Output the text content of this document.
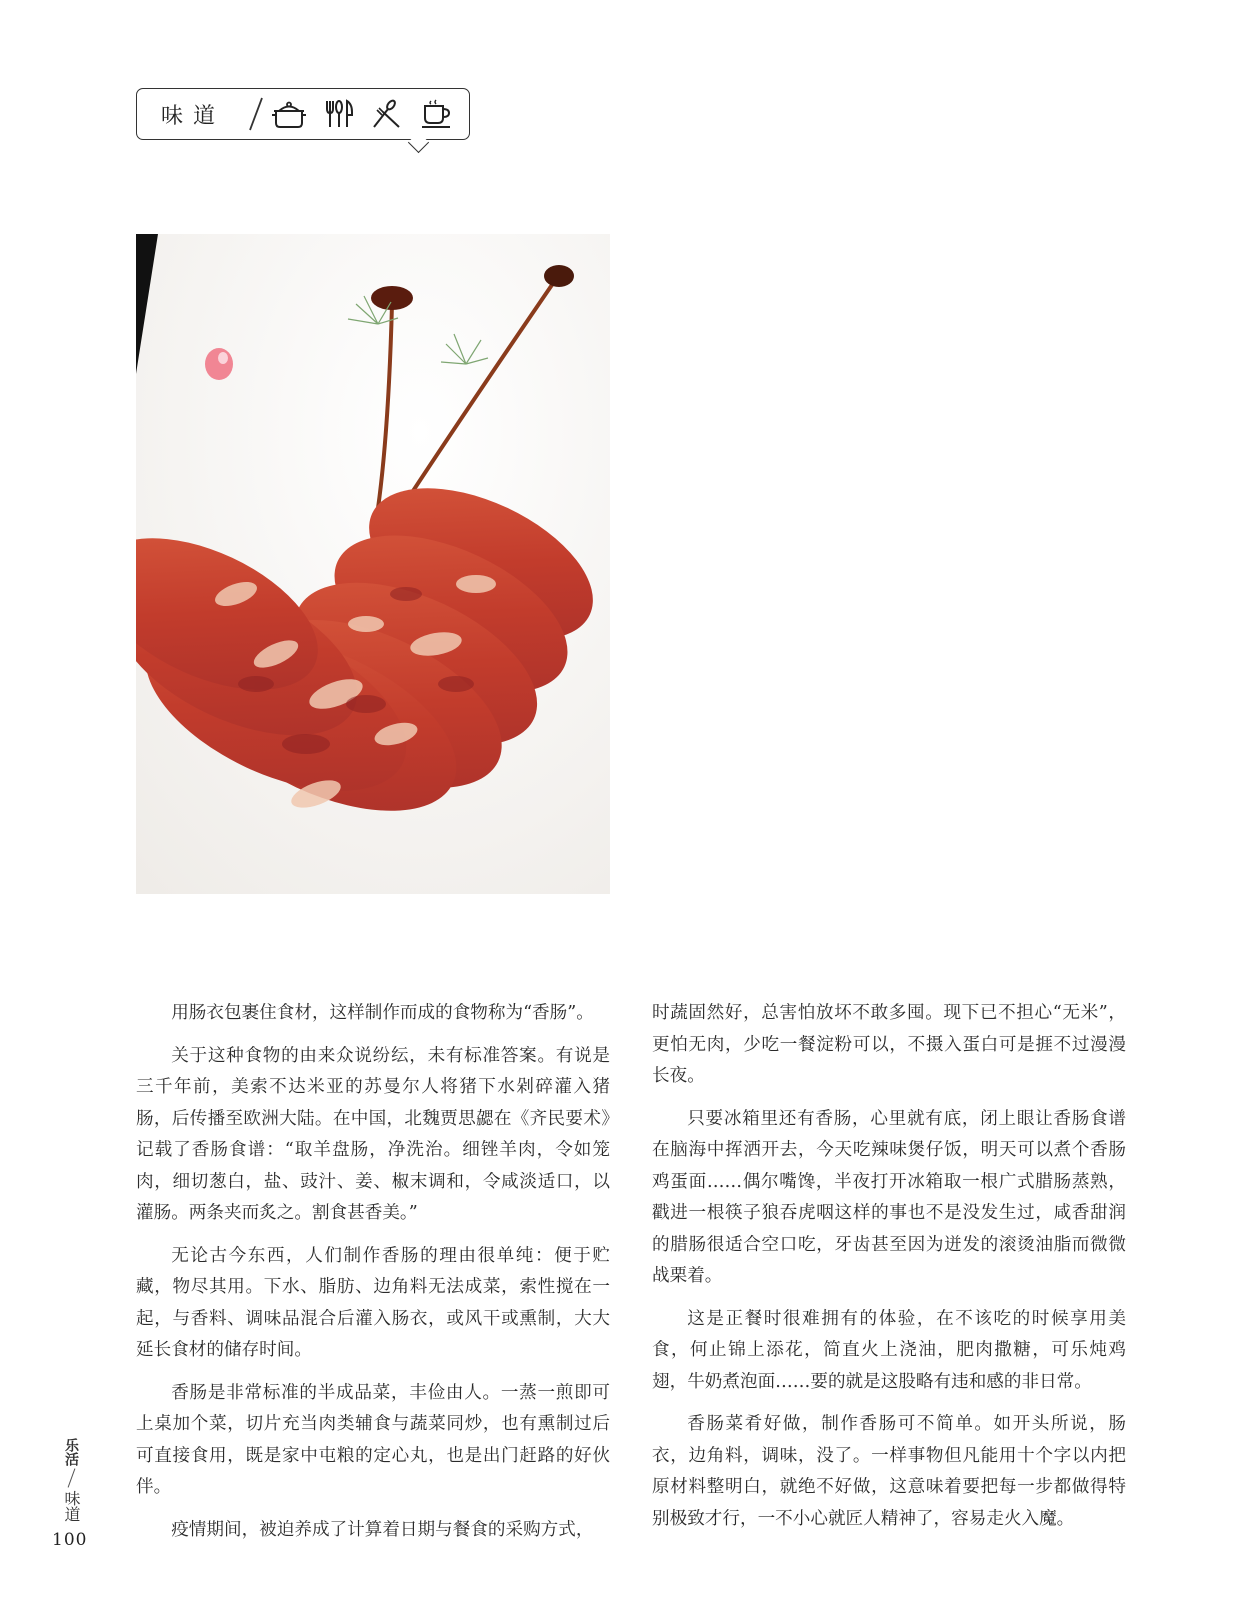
味道

用肠衣包裹住食材，这样制作而成的食物称为“香肠”。

关于这种食物的由来众说纷纭，未有标准答案。有说是三千年前，美索不达米亚的苏曼尔人将猪下水剁碎灌入猪肠，后传播至欧洲大陆。在中国，北魏贾思勰在《齐民要术》记载了香肠食谱：“取羊盘肠，净洗治。细锉羊肉，令如笼肉，细切葱白，盐、豉汁、姜、椒末调和，令咸淡适口，以灌肠。两条夹而炙之。割食甚香美。”

无论古今东西，人们制作香肠的理由很单纯：便于贮藏，物尽其用。下水、脂肪、边角料无法成菜，索性搅在一起，与香料、调味品混合后灌入肠衣，或风干或熏制，大大延长食材的储存时间。

香肠是非常标准的半成品菜，丰俭由人。一蒸一煎即可上桌加个菜，切片充当肉类辅食与蔬菜同炒，也有熏制过后可直接食用，既是家中屯粮的定心丸，也是出门赶路的好伙伴。

疫情期间，被迫养成了计算着日期与餐食的采购方式，

时蔬固然好，总害怕放坏不敢多囤。现下已不担心“无米”，更怕无肉，少吃一餐淀粉可以，不摄入蛋白可是捱不过漫漫长夜。

只要冰箱里还有香肠，心里就有底，闭上眼让香肠食谱在脑海中挥洒开去，今天吃辣味煲仔饭，明天可以煮个香肠鸡蛋面……偶尔嘴馋，半夜打开冰箱取一根广式腊肠蒸熟，戳进一根筷子狼吞虎咽这样的事也不是没发生过，咸香甜润的腊肠很适合空口吃，牙齿甚至因为迸发的滚烫油脂而微微战栗着。

这是正餐时很难拥有的体验，在不该吃的时候享用美食，何止锦上添花，简直火上浇油，肥肉撒糖，可乐炖鸡翅，牛奶煮泡面……要的就是这股略有违和感的非日常。

香肠菜肴好做，制作香肠可不简单。如开头所说，肠衣，边角料，调味，没了。一样事物但凡能用十个字以内把原材料整明白，就绝不好做，这意味着要把每一步都做得特别极致才行，一不小心就匠人精神了，容易走火入魔。

乐活
味道
100
